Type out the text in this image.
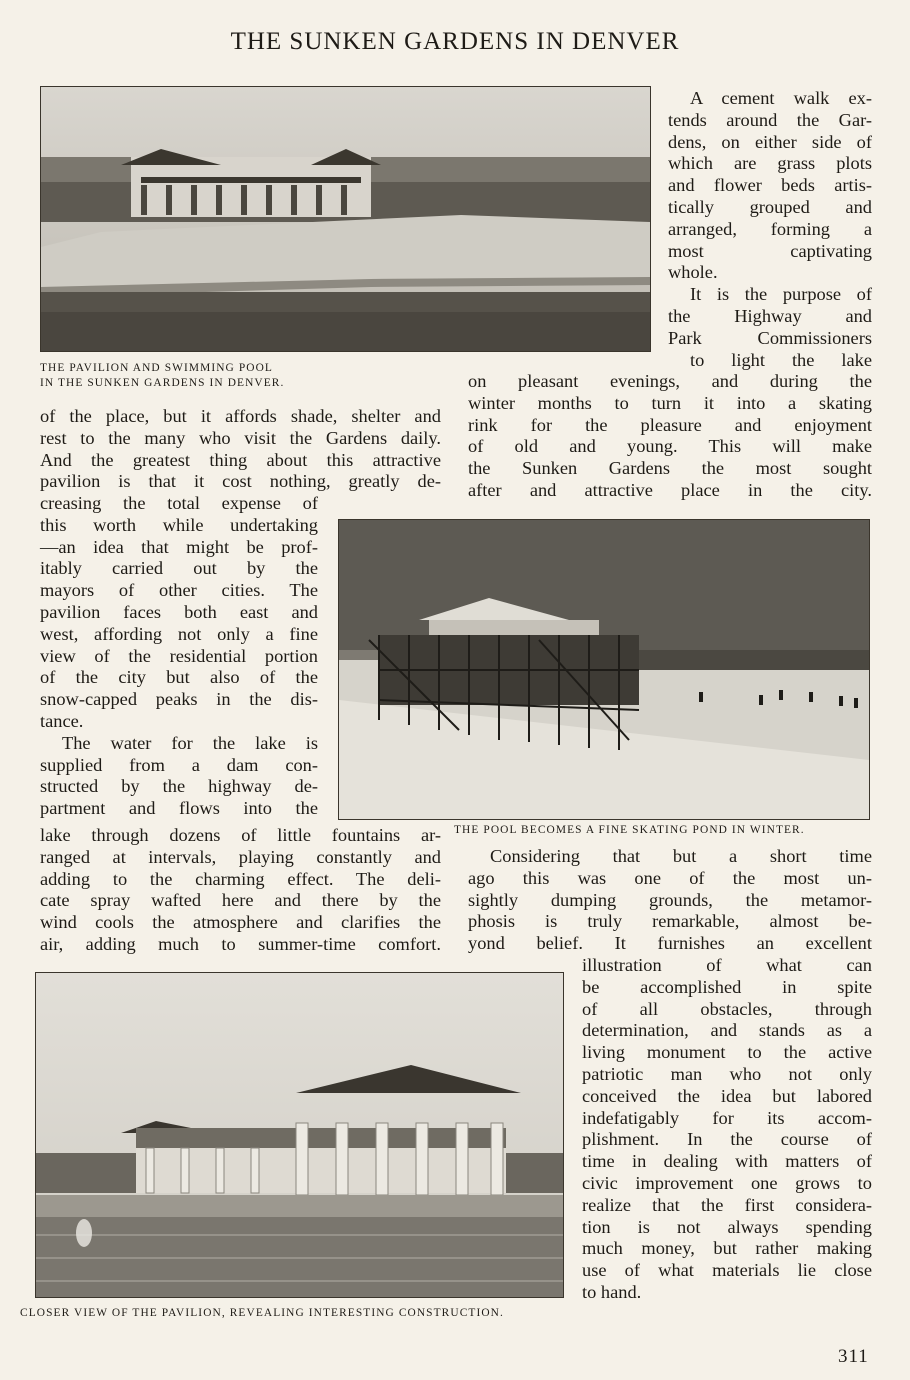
THE SUNKEN GARDENS IN DENVER
THE PAVILION AND SWIMMING POOL
IN THE SUNKEN GARDENS IN DENVER.

A cement walk ex-

tends around the Gar-

dens, on either side of

which are grass plots

and flower beds artis-

tically grouped and

arranged, forming a

most captivating

whole.

It is the purpose of

the Highway and

Park Commissioners

to light the lake

on pleasant evenings, and during the

winter months to turn it into a skating

rink for the pleasure and enjoyment

of old and young. This will make

the Sunken Gardens the most sought

after and attractive place in the city.

of the place, but it affords shade, shelter and

rest to the many who visit the Gardens daily.

And the greatest thing about this attractive

pavilion is that it cost nothing, greatly de-

creasing the total expense of

this worth while undertaking

—an idea that might be prof-

itably carried out by the

mayors of other cities. The

pavilion faces both east and

west, affording not only a fine

view of the residential portion

of the city but also of the

snow-capped peaks in the dis-

tance.

The water for the lake is

supplied from a dam con-

structed by the highway de-

partment and flows into the

lake through dozens of little fountains ar-

ranged at intervals, playing constantly and

adding to the charming effect. The deli-

cate spray wafted here and there by the

wind cools the atmosphere and clarifies the

air, adding much to summer-time comfort.

THE POOL BECOMES A FINE SKATING POND IN WINTER.

Considering that but a short time

ago this was one of the most un-

sightly dumping grounds, the metamor-

phosis is truly remarkable, almost be-

yond belief. It furnishes an excellent

illustration of what can

be accomplished in spite

of all obstacles, through

determination, and stands as a

living monument to the active

patriotic man who not only

conceived the idea but labored

indefatigably for its accom-

plishment. In the course of

time in dealing with matters of

civic improvement one grows to

realize that the first considera-

tion is not always spending

much money, but rather making

use of what materials lie close

to hand.

CLOSER VIEW OF THE PAVILION, REVEALING INTERESTING CONSTRUCTION.
311
